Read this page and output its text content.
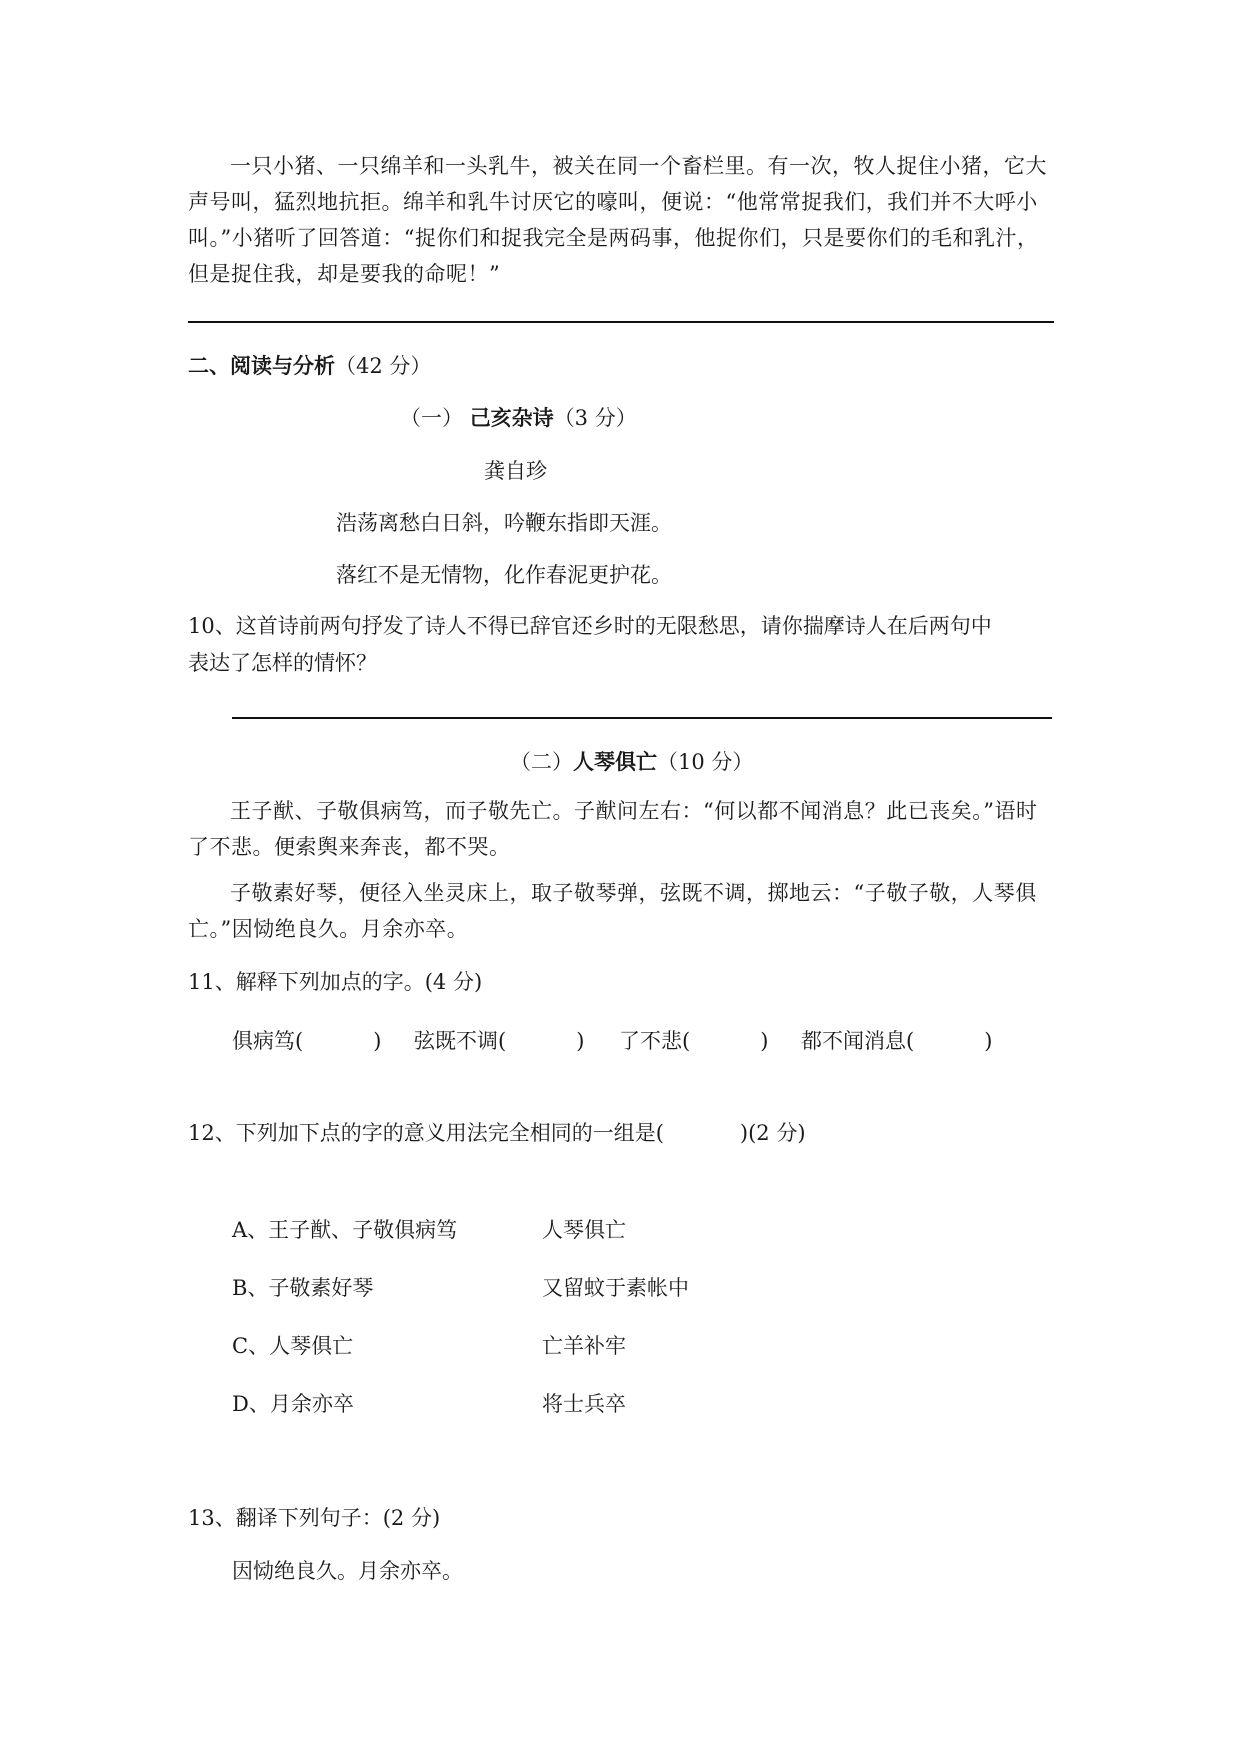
一只小猪、一只绵羊和一头乳牛，被关在同一个畜栏里。有一次，牧人捉住小猪，它大声号叫，猛烈地抗拒。绵羊和乳牛讨厌它的嚎叫，便说：“他常常捉我们，我们并不大呼小叫。”小猪听了回答道：“捉你们和捉我完全是两码事，他捉你们，只是要你们的毛和乳汁，但是捉住我，却是要我的命呢！”

二、阅读与分析（42 分）
（一） 己亥杂诗（3 分）
龚自珍
浩荡离愁白日斜，吟鞭东指即天涯。
落红不是无情物，化作春泥更护花。
10、这首诗前两句抒发了诗人不得已辞官还乡时的无限愁思，请你揣摩诗人在后两句中
表达了怎样的情怀？
（二）人琴俱亡（10 分）

王子猷、子敬俱病笃，而子敬先亡。子猷问左右：“何以都不闻消息？此已丧矣。”语时了不悲。便索舆来奔丧，都不哭。

子敬素好琴，便径入坐灵床上，取子敬琴弹，弦既不调，掷地云：“子敬子敬，人琴俱亡。”因恸绝良久。月余亦卒。

11、解释下列加点的字。(4 分)
俱病笃(	) 弦既不调(	) 了不悲(	) 都不闻消息(	)
12、下列加下点的字的意义用法完全相同的一组是(	)(2 分)
A、王子猷、子敬俱病笃	人琴俱亡
B、子敬素好琴	又留蚊于素帐中
C、人琴俱亡	亡羊补牢
D、月余亦卒	将士兵卒
13、翻译下列句子：(2 分)
因恸绝良久。月余亦卒。
